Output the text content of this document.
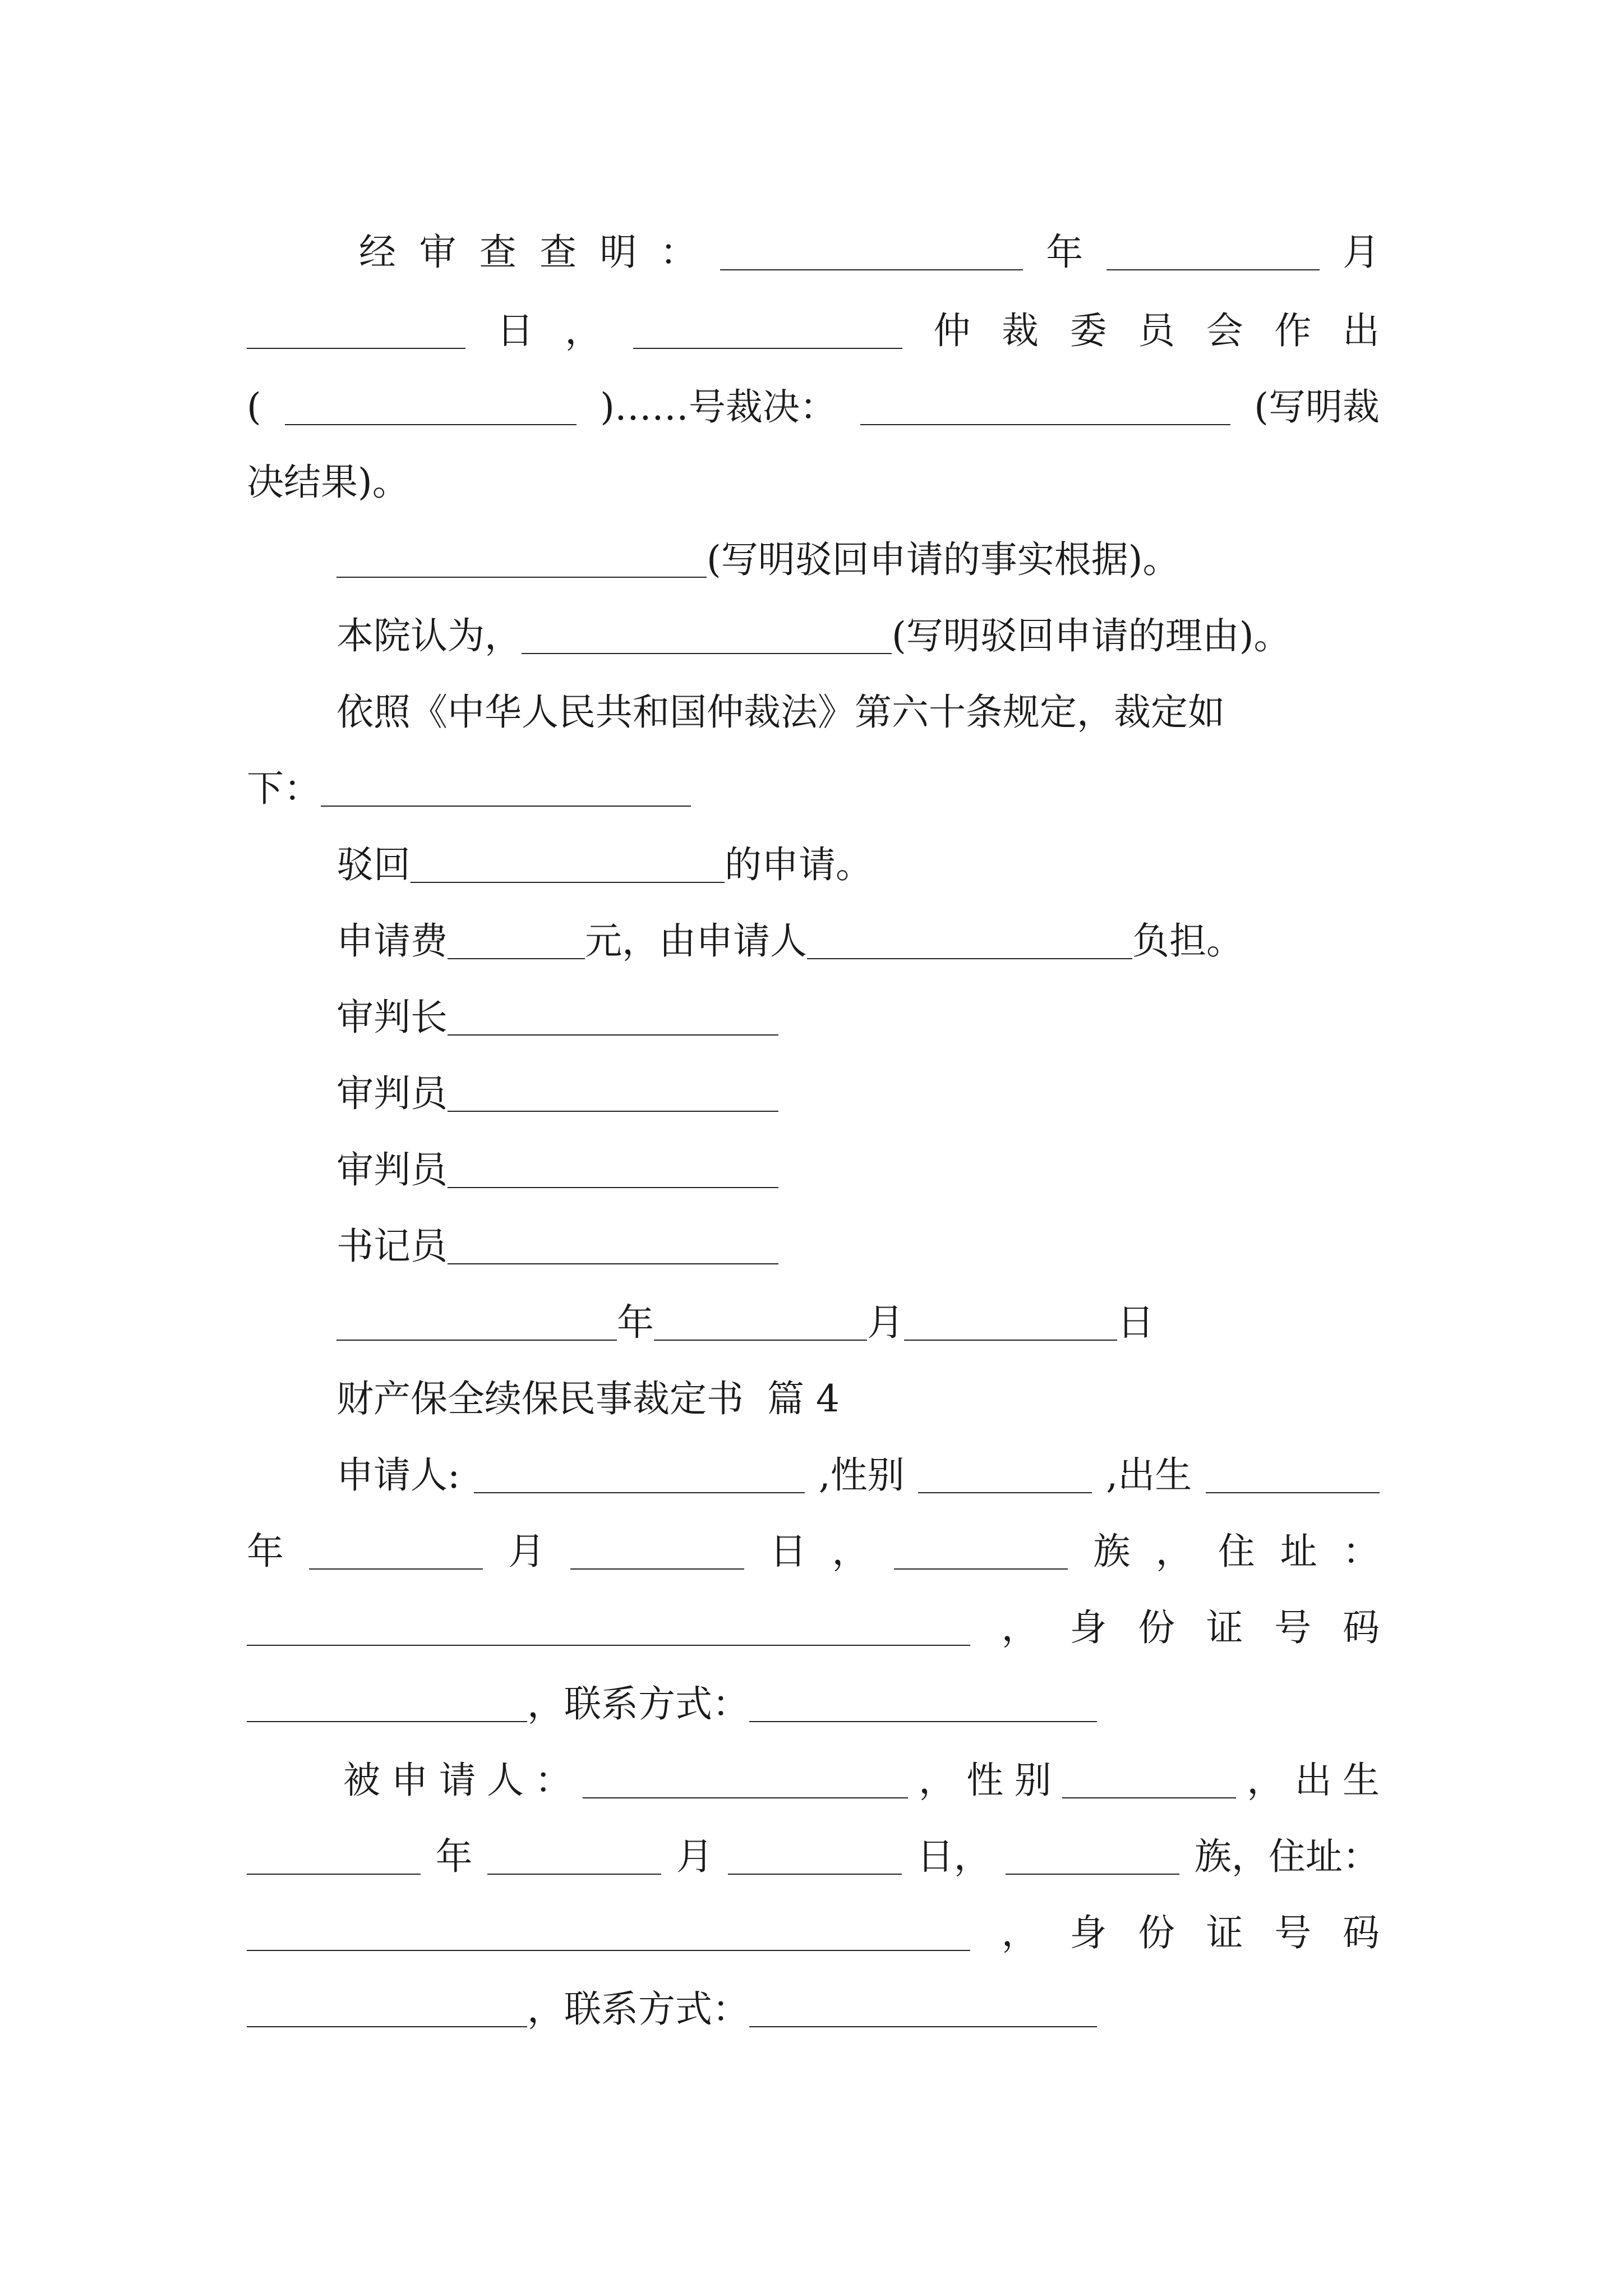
经 审 查 查 明 ：	年	月
日 ，	仲 裁 委 员 会 作 出
(	)……号裁决：	(写明裁
决结果)。
(写明驳回申请的事实根据)。
本院认为，	(写明驳回申请的理由)。
依照《中华人民共和国仲裁法》第六十条规定，裁定如
下：
驳回	的申请。
申请费	元，由申请人	负担。
审判长
审判员
审判员
书记员
年	月	日
财产保全续保民事裁定书  篇 4
申请人:	,性别	,出生
年	月	日 ，	族 ， 住 址 ：
， 身 份 证 号 码
，联系方式：
被 申 请 人 ：	， 性 别	， 出 生
年	月	日，	族，住址：
， 身 份 证 号 码
，联系方式：
